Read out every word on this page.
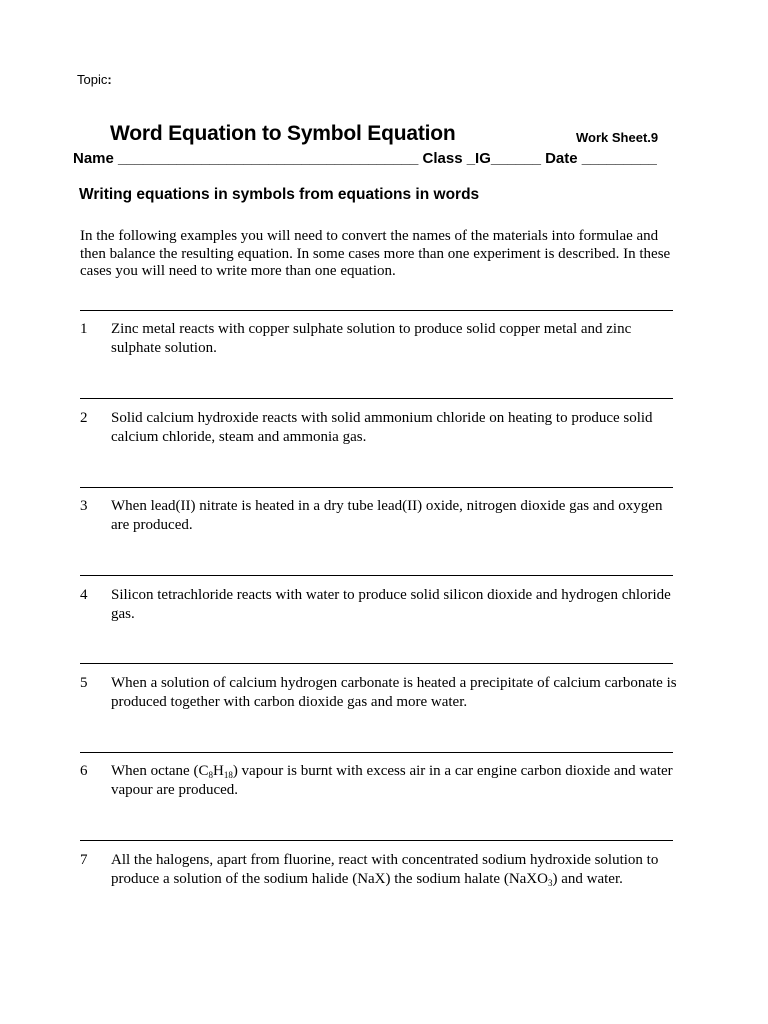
Topic:
Word Equation to Symbol Equation	Work Sheet.9
Name ____________________________________ Class _IG______ Date _________
Writing equations in symbols from equations in words
In the following examples you will need to convert the names of the materials into formulae and then balance the resulting equation. In some cases more than one experiment is described. In these cases you will need to write more than one equation.
1	Zinc metal reacts with copper sulphate solution to produce solid copper metal and zinc sulphate solution.
2	Solid calcium hydroxide reacts with solid ammonium chloride on heating to produce solid calcium chloride, steam and ammonia gas.
3	When lead(II) nitrate is heated in a dry tube lead(II) oxide, nitrogen dioxide gas and oxygen are produced.
4	Silicon tetrachloride reacts with water to produce solid silicon dioxide and hydrogen chloride gas.
5	When a solution of calcium hydrogen carbonate is heated a precipitate of calcium carbonate is produced together with carbon dioxide gas and more water.
6	When octane $(C_8H_{18})$ vapour is burnt with excess air in a car engine carbon dioxide and water vapour are produced.
7	All the halogens, apart from fluorine, react with concentrated sodium hydroxide solution to produce a solution of the sodium halide (NaX) the sodium halate (NaXO$_3$) and water.
